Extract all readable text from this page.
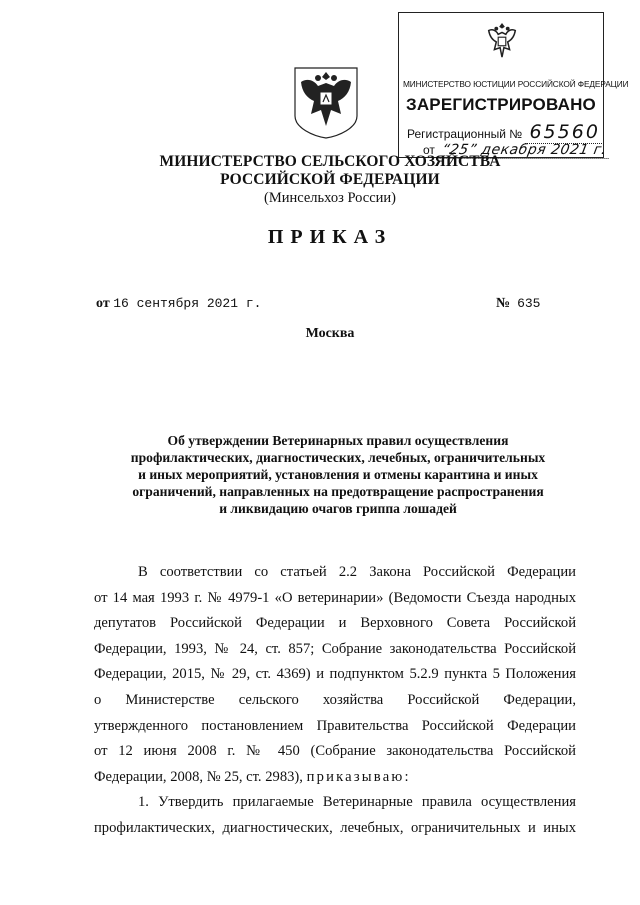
МИНИСТЕРСТВО ЮСТИЦИИ РОССИЙСКОЙ ФЕДЕРАЦИИ
ЗАРЕГИСТРИРОВАНО
Регистрационный № 65560
от “25” декабря 2021 г.
МИНИСТЕРСТВО СЕЛЬСКОГО ХОЗЯЙСТВА
РОССИЙСКОЙ ФЕДЕРАЦИИ
(Минсельхоз России)
ПРИКАЗ
от 16 сентября 2021 г.	№ 635
Москва
Об утверждении Ветеринарных правил осуществления
профилактических, диагностических, лечебных, ограничительных
и иных мероприятий, установления и отмены карантина и иных
ограничений, направленных на предотвращение распространения
и ликвидацию очагов гриппа лошадей

В соответствии со статьей 2.2 Закона Российской Федерации
от 14 мая 1993 г. № 4979-1 «О ветеринарии» (Ведомости Съезда народных
депутатов Российской Федерации и Верховного Совета Российской
Федерации, 1993, № 24, ст. 857; Собрание законодательства Российской
Федерации, 2015, № 29, ст. 4369) и подпунктом 5.2.9 пункта 5 Положения
о Министерстве сельского хозяйства Российской Федерации,
утвержденного постановлением Правительства Российской Федерации
от 12 июня 2008 г. № 450 (Собрание законодательства Российской
Федерации, 2008, № 25, ст. 2983), приказываю:

1. Утвердить прилагаемые Ветеринарные правила осуществления
профилактических, диагностических, лечебных, ограничительных и иных
